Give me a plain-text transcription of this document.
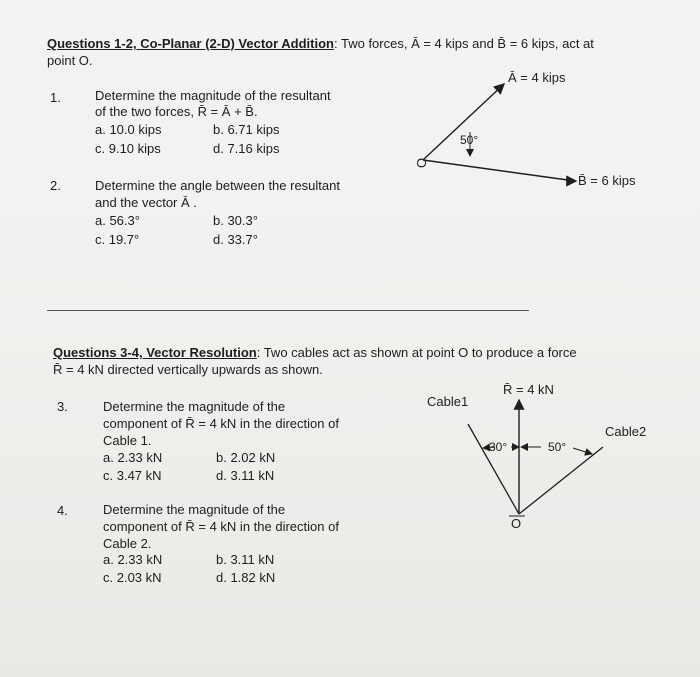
Questions 1-2, Co-Planar (2-D) Vector Addition: Two forces, Ā = 4 kips and B̄ = 6 kips, act at
point O.
1.	Determine the magnitude of the resultant
of the two forces, R̄ = Ā + B̄.
a. 10.0 kips	b. 6.71 kips
c. 9.10 kips	d. 7.16 kips
2.	Determine the angle between the resultant
and the vector Ā .
a. 56.3°	b. 30.3°
c. 19.7°	d. 33.7°
Ā = 4 kips
B̄ = 6 kips
50°
O
Questions 3-4, Vector Resolution: Two cables act as shown at point O to produce a force
R̄ = 4 kN directed vertically upwards as shown.
3.	Determine the magnitude of the
component of R̄ = 4 kN in the direction of
Cable 1.
a. 2.33 kN	b. 2.02 kN
c. 3.47 kN	d. 3.11 kN
4.	Determine the magnitude of the
component of R̄ = 4 kN in the direction of
Cable 2.
a. 2.33 kN	b. 3.11 kN
c. 2.03 kN	d. 1.82 kN
R̄ = 4 kN
Cable1
Cable2
30°	50°
O
